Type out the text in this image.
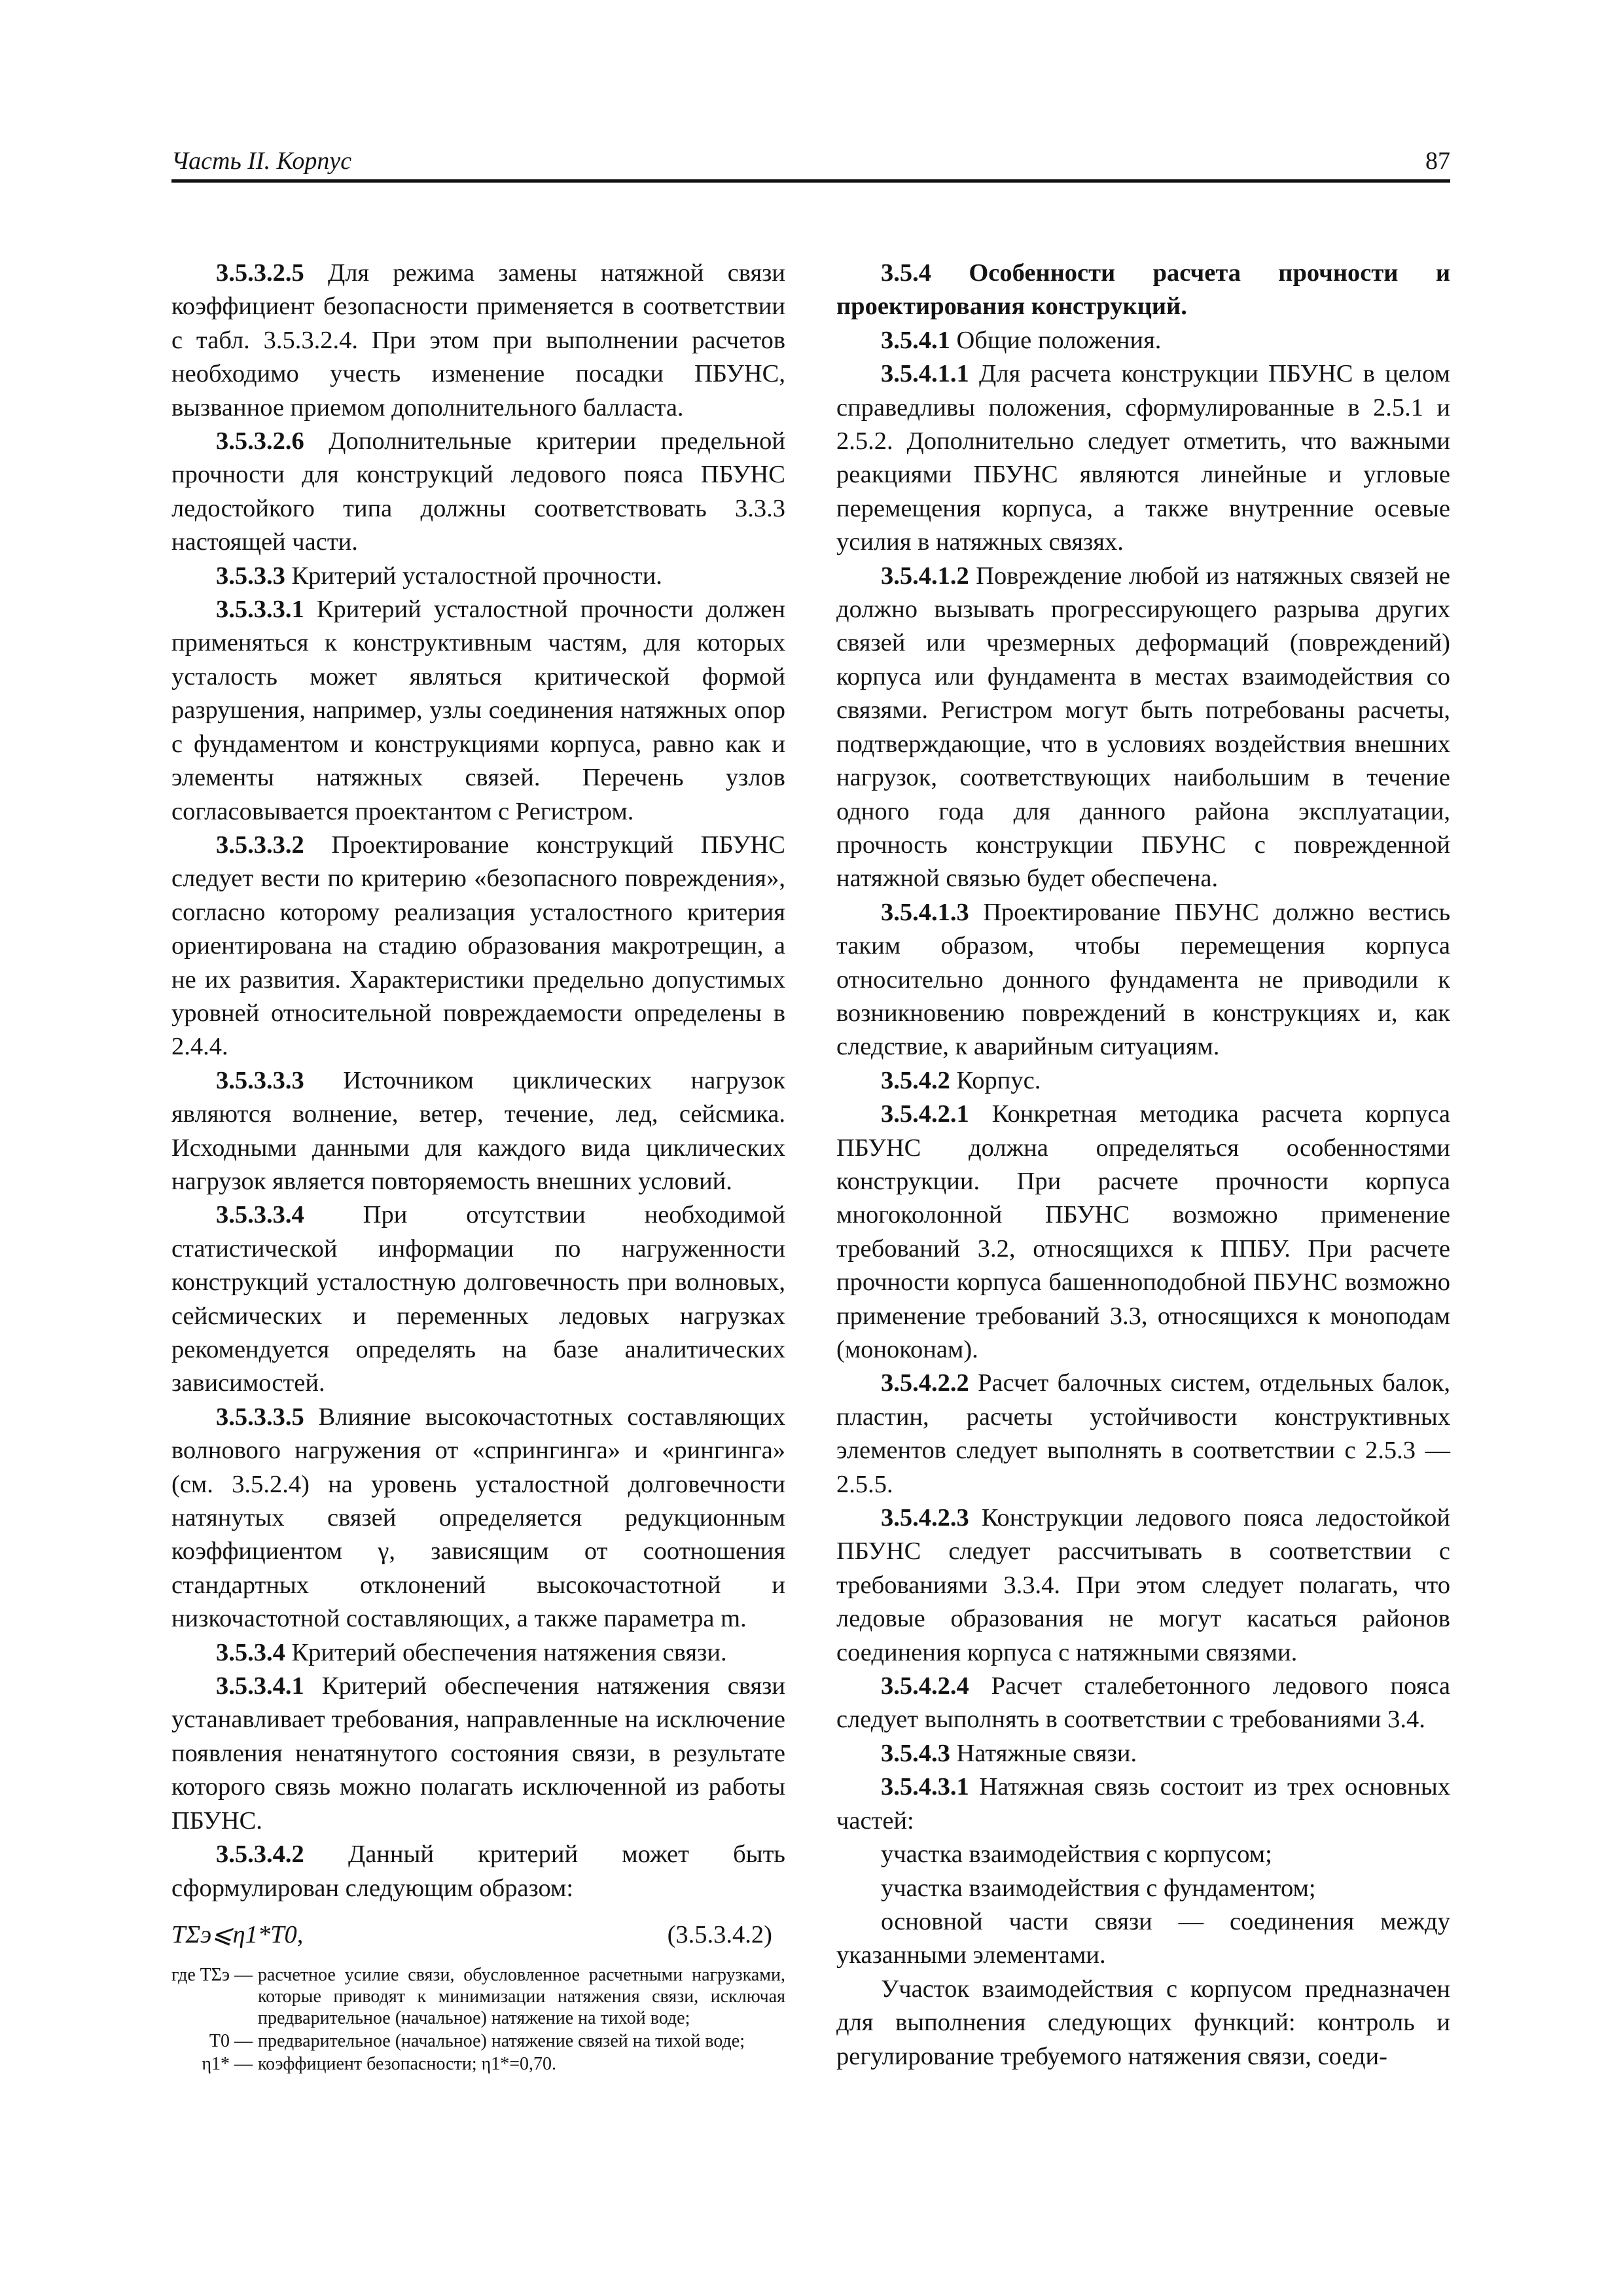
Часть II. Корпус	87

3.5.3.2.5 Для режима замены натяжной связи коэффициент безопасности применяется в соответствии с табл. 3.5.3.2.4. При этом при выполнении расчетов необходимо учесть изменение посадки ПБУНС, вызванное приемом дополнительного балласта.

3.5.3.2.6 Дополнительные критерии предельной прочности для конструкций ледового пояса ПБУНС ледостойкого типа должны соответствовать 3.3.3 настоящей части.

3.5.3.3 Критерий усталостной прочности.

3.5.3.3.1 Критерий усталостной прочности должен применяться к конструктивным частям, для которых усталость может являться критической формой разрушения, например, узлы соединения натяжных опор с фундаментом и конструкциями корпуса, равно как и элементы натяжных связей. Перечень узлов согласовывается проектантом с Регистром.

3.5.3.3.2 Проектирование конструкций ПБУНС следует вести по критерию «безопасного повреждения», согласно которому реализация усталостного критерия ориентирована на стадию образования макротрещин, а не их развития. Характеристики предельно допустимых уровней относительной повреждаемости определены в 2.4.4.

3.5.3.3.3 Источником циклических нагрузок являются волнение, ветер, течение, лед, сейсмика. Исходными данными для каждого вида циклических нагрузок является повторяемость внешних условий.

3.5.3.3.4 При отсутствии необходимой статистической информации по нагруженности конструкций усталостную долговечность при волновых, сейсмических и переменных ледовых нагрузках рекомендуется определять на базе аналитических зависимостей.

3.5.3.3.5 Влияние высокочастотных составляющих волнового нагружения от «спрингинга» и «рингинга» (см. 3.5.2.4) на уровень усталостной долговечности натянутых связей определяется редукционным коэффициентом γ, зависящим от соотношения стандартных отклонений высокочастотной и низкочастотной составляющих, а также параметра m.

3.5.3.4 Критерий обеспечения натяжения связи.

3.5.3.4.1 Критерий обеспечения натяжения связи устанавливает требования, направленные на исключение появления ненатянутого состояния связи, в результате которого связь можно полагать исключенной из работы ПБУНС.

3.5.3.4.2 Данный критерий может быть сформулирован следующим образом:

TΣэ⩽η1*T0,	(3.5.3.4.2)
где TΣэ — расчетное усилие связи, обусловленное расчетными нагрузками, которые приводят к минимизации натяжения связи, исключая предварительное (начальное) натяжение на тихой воде;
T0 — предварительное (начальное) натяжение связей на тихой воде;
η1* — коэффициент безопасности; η1*=0,70.

3.5.4 Особенности расчета прочности и проектирования конструкций.

3.5.4.1 Общие положения.

3.5.4.1.1 Для расчета конструкции ПБУНС в целом справедливы положения, сформулированные в 2.5.1 и 2.5.2. Дополнительно следует отметить, что важными реакциями ПБУНС являются линейные и угловые перемещения корпуса, а также внутренние осевые усилия в натяжных связях.

3.5.4.1.2 Повреждение любой из натяжных связей не должно вызывать прогрессирующего разрыва других связей или чрезмерных деформаций (повреждений) корпуса или фундамента в местах взаимодействия со связями. Регистром могут быть потребованы расчеты, подтверждающие, что в условиях воздействия внешних нагрузок, соответствующих наибольшим в течение одного года для данного района эксплуатации, прочность конструкции ПБУНС с поврежденной натяжной связью будет обеспечена.

3.5.4.1.3 Проектирование ПБУНС должно вестись таким образом, чтобы перемещения корпуса относительно донного фундамента не приводили к возникновению повреждений в конструкциях и, как следствие, к аварийным ситуациям.

3.5.4.2 Корпус.

3.5.4.2.1 Конкретная методика расчета корпуса ПБУНС должна определяться особенностями конструкции. При расчете прочности корпуса многоколонной ПБУНС возможно применение требований 3.2, относящихся к ППБУ. При расчете прочности корпуса башенноподобной ПБУНС возможно применение требований 3.3, относящихся к моноподам (моноконам).

3.5.4.2.2 Расчет балочных систем, отдельных балок, пластин, расчеты устойчивости конструктивных элементов следует выполнять в соответствии с 2.5.3 — 2.5.5.

3.5.4.2.3 Конструкции ледового пояса ледостойкой ПБУНС следует рассчитывать в соответствии с требованиями 3.3.4. При этом следует полагать, что ледовые образования не могут касаться районов соединения корпуса с натяжными связями.

3.5.4.2.4 Расчет сталебетонного ледового пояса следует выполнять в соответствии с требованиями 3.4.

3.5.4.3 Натяжные связи.

3.5.4.3.1 Натяжная связь состоит из трех основных частей:

участка взаимодействия с корпусом;

участка взаимодействия с фундаментом;

основной части связи — соединения между указанными элементами.

Участок взаимодействия с корпусом предназначен для выполнения следующих функций: контроль и регулирование требуемого натяжения связи, соеди-
